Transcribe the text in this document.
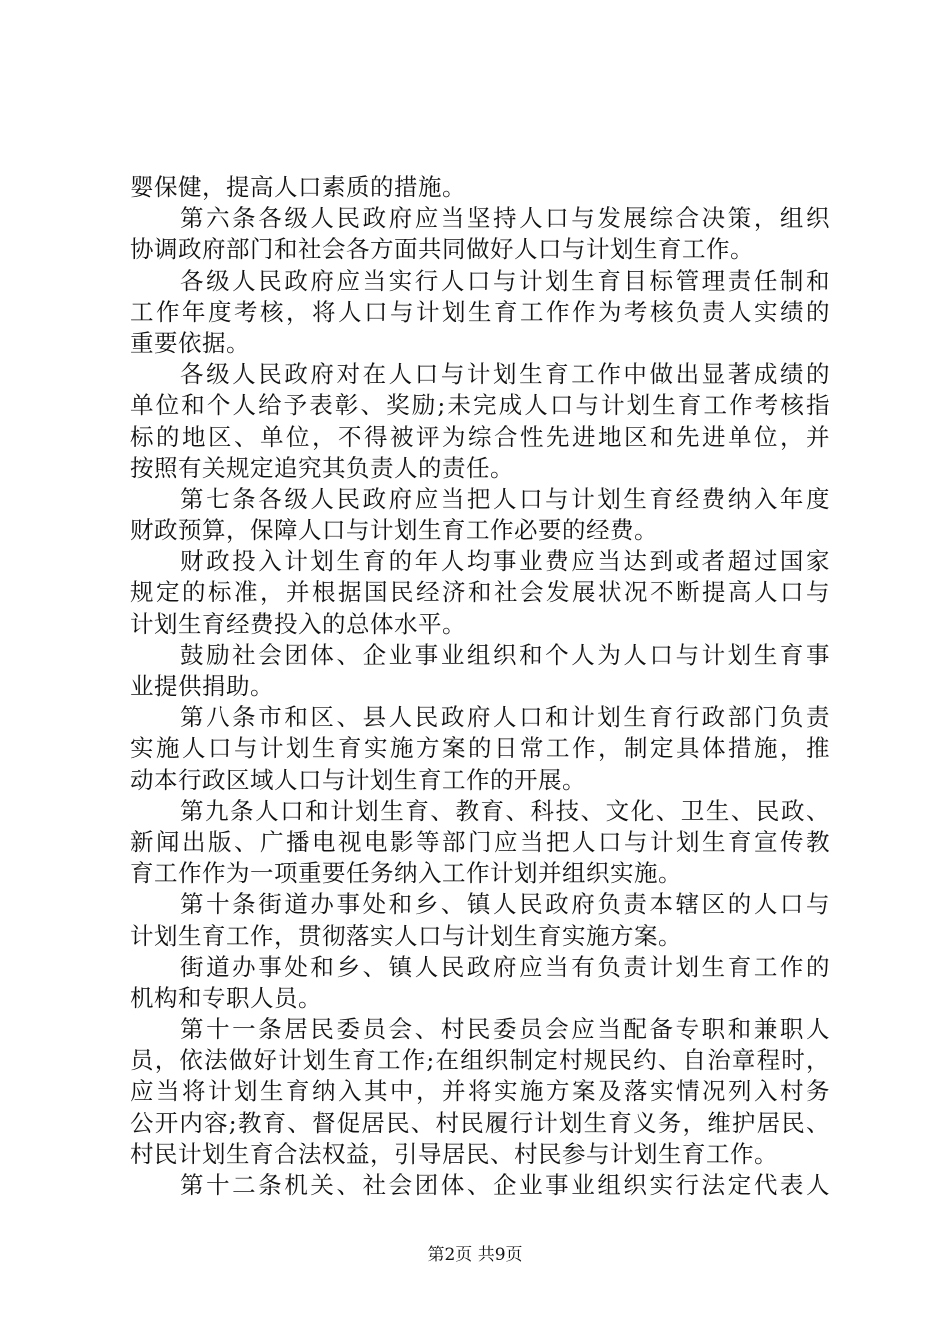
婴保健，提高人口素质的措施。
第六条各级人民政府应当坚持人口与发展综合决策，组织
协调政府部门和社会各方面共同做好人口与计划生育工作。
各级人民政府应当实行人口与计划生育目标管理责任制和
工作年度考核，将人口与计划生育工作作为考核负责人实绩的
重要依据。
各级人民政府对在人口与计划生育工作中做出显著成绩的
单位和个人给予表彰、奖励;未完成人口与计划生育工作考核指
标的地区、单位，不得被评为综合性先进地区和先进单位，并
按照有关规定追究其负责人的责任。
第七条各级人民政府应当把人口与计划生育经费纳入年度
财政预算，保障人口与计划生育工作必要的经费。
财政投入计划生育的年人均事业费应当达到或者超过国家
规定的标准，并根据国民经济和社会发展状况不断提高人口与
计划生育经费投入的总体水平。
鼓励社会团体、企业事业组织和个人为人口与计划生育事
业提供捐助。
第八条市和区、县人民政府人口和计划生育行政部门负责
实施人口与计划生育实施方案的日常工作，制定具体措施，推
动本行政区域人口与计划生育工作的开展。
第九条人口和计划生育、教育、科技、文化、卫生、民政、
新闻出版、广播电视电影等部门应当把人口与计划生育宣传教
育工作作为一项重要任务纳入工作计划并组织实施。
第十条街道办事处和乡、镇人民政府负责本辖区的人口与
计划生育工作，贯彻落实人口与计划生育实施方案。
街道办事处和乡、镇人民政府应当有负责计划生育工作的
机构和专职人员。
第十一条居民委员会、村民委员会应当配备专职和兼职人
员，依法做好计划生育工作;在组织制定村规民约、自治章程时，
应当将计划生育纳入其中，并将实施方案及落实情况列入村务
公开内容;教育、督促居民、村民履行计划生育义务，维护居民、
村民计划生育合法权益，引导居民、村民参与计划生育工作。
第十二条机关、社会团体、企业事业组织实行法定代表人
第2页 共9页
